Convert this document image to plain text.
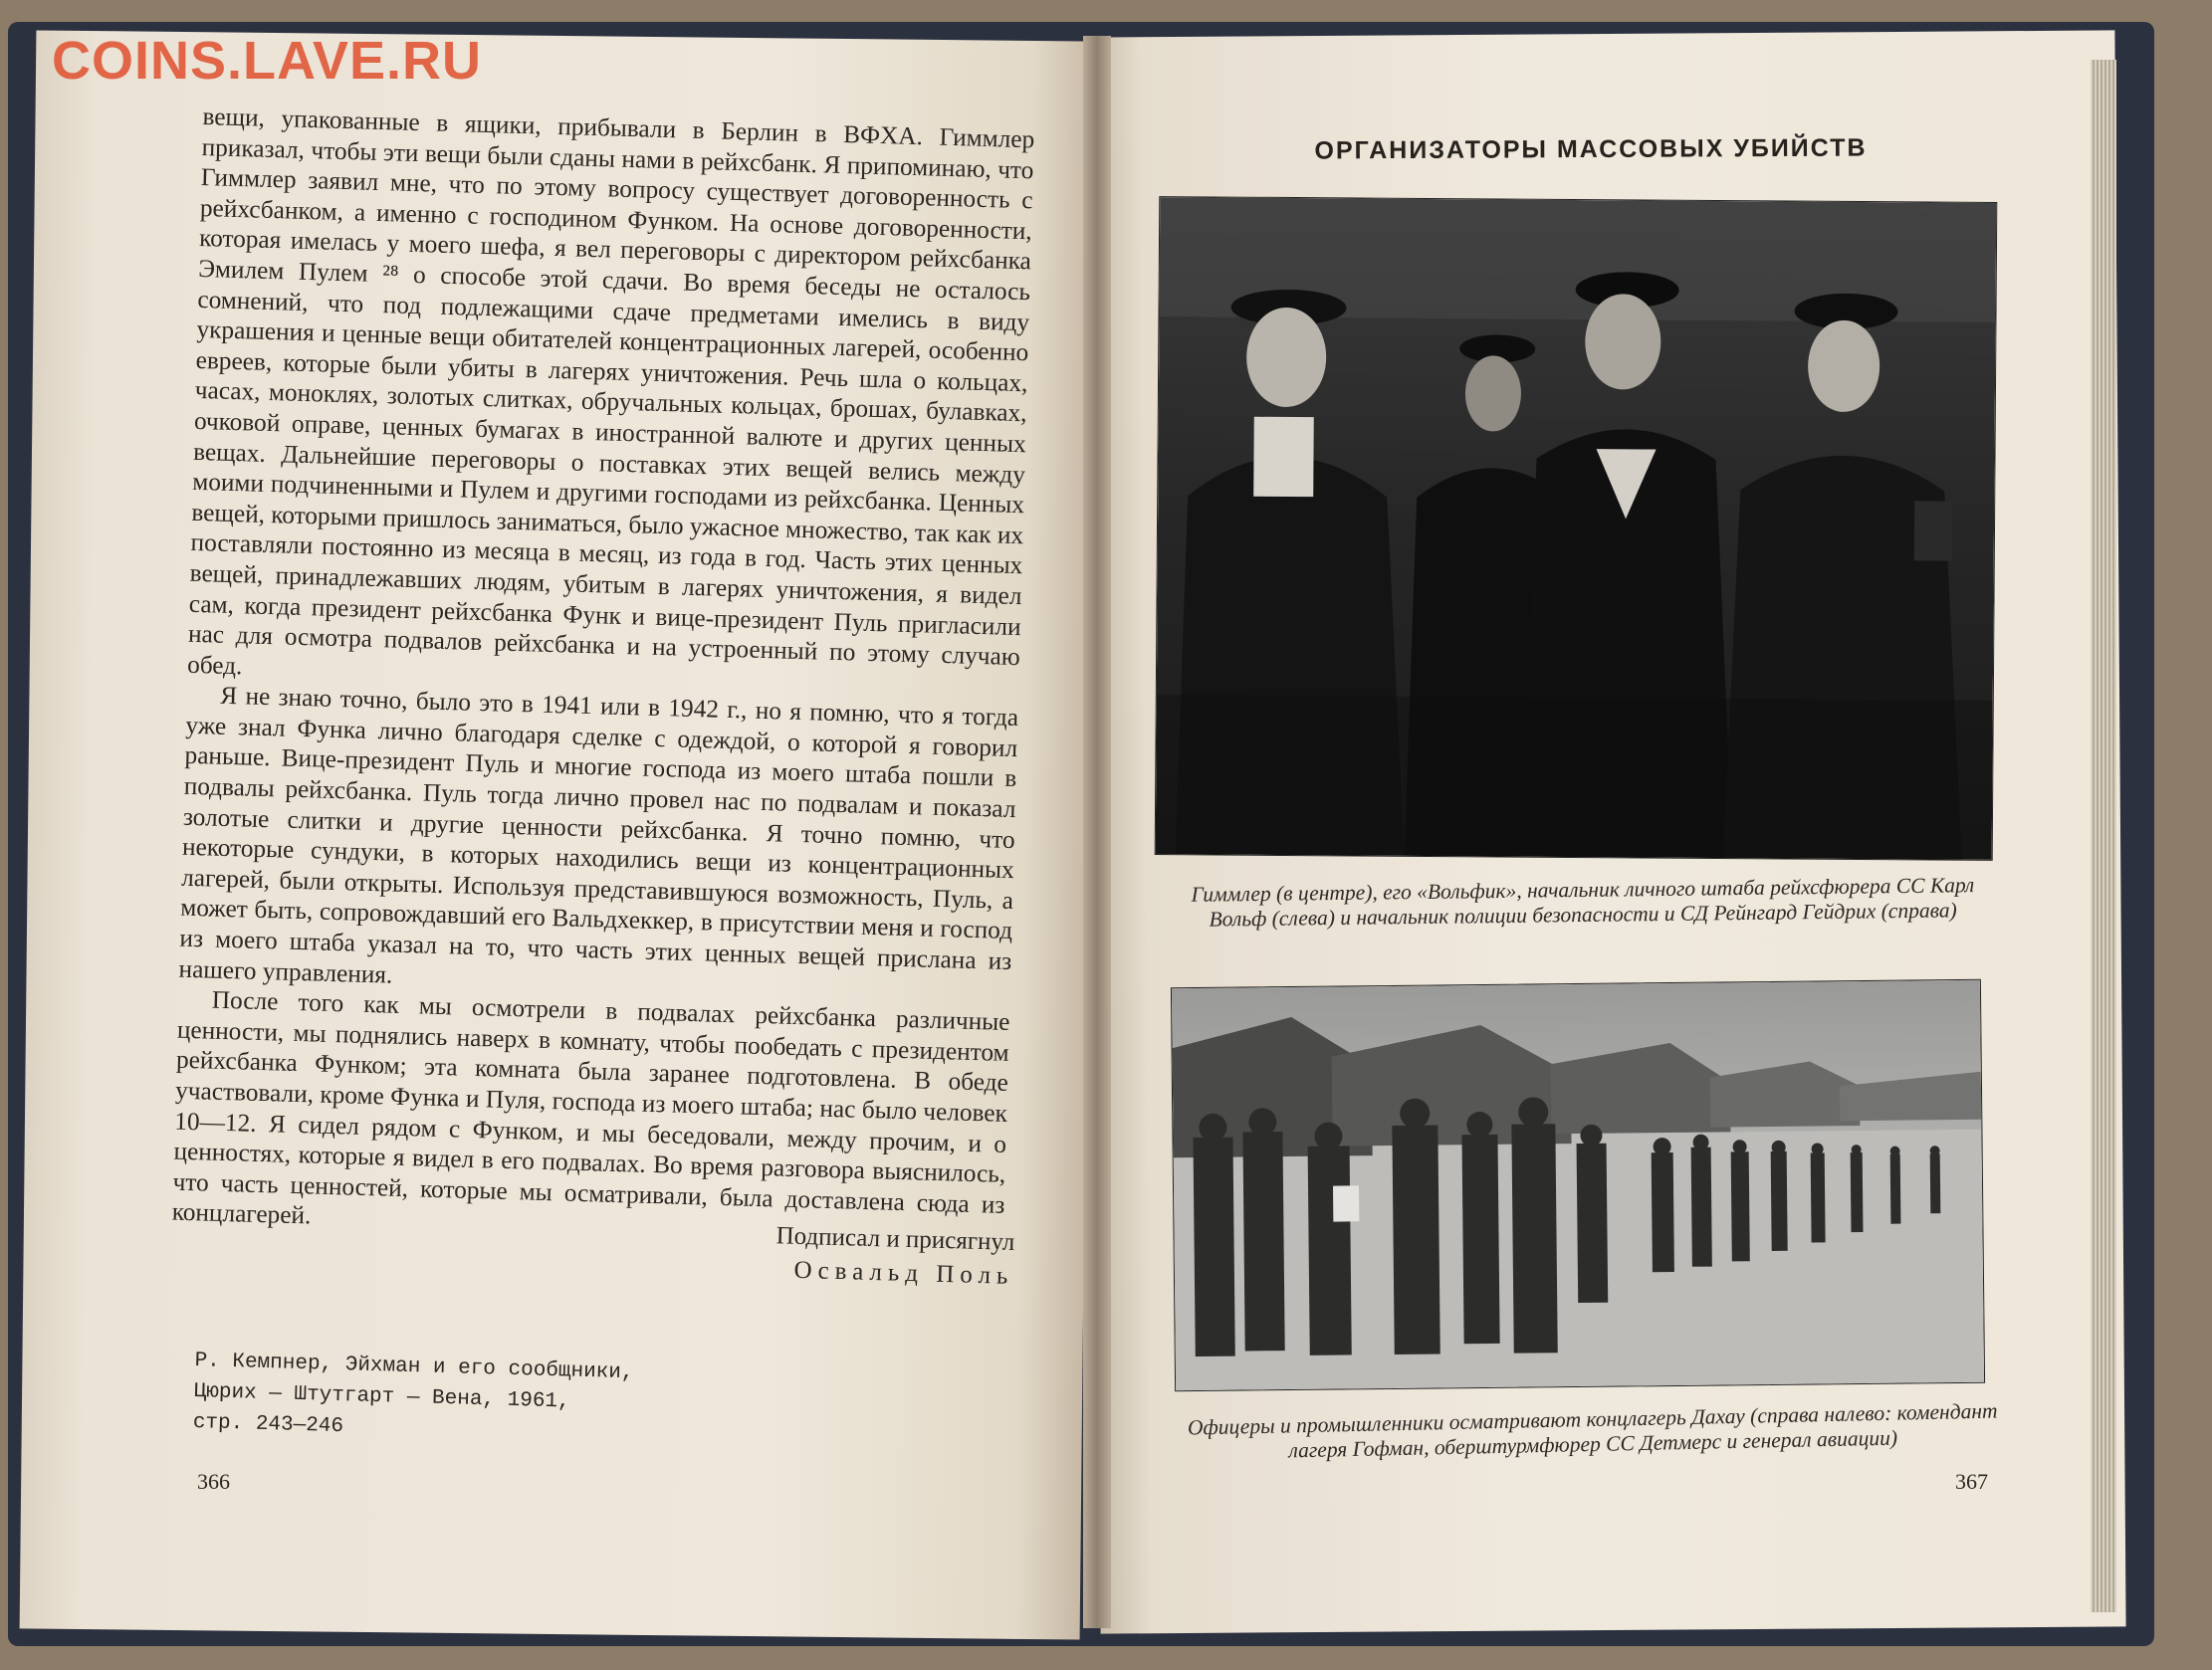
COINS.LAVE.RU

вещи, упакованные в ящики, прибывали в Берлин в ВФХА. Гиммлер приказал, чтобы эти вещи были сданы нами в рейхсбанк. Я припоминаю, что Гиммлер заявил мне, что по этому вопросу существует договоренность с рейхсбанком, а именно с господином Функом. На основе договоренности, которая имелась у моего шефа, я вел переговоры с директором рейхсбанка Эмилем Пулем ²⁸ о способе этой сдачи. Во время беседы не осталось сомнений, что под подлежащими сдаче предметами имелись в виду украшения и ценные вещи обитателей концентрационных лагерей, особенно евреев, которые были убиты в лагерях уничтожения. Речь шла о кольцах, часах, моноклях, золотых слитках, обручальных кольцах, брошах, булавках, очковой оправе, ценных бумагах в иностранной валюте и других ценных вещах. Дальнейшие переговоры о поставках этих вещей велись между моими подчиненными и Пулем и другими господами из рейхсбанка. Ценных вещей, которыми пришлось заниматься, было ужасное множество, так как их поставляли постоянно из месяца в месяц, из года в год. Часть этих ценных вещей, принадлежавших людям, убитым в лагерях уничтожения, я видел сам, когда президент рейхсбанка Функ и вице-президент Пуль пригласили нас для осмотра подвалов рейхсбанка и на устроенный по этому случаю обед.

Я не знаю точно, было это в 1941 или в 1942 г., но я помню, что я тогда уже знал Функа лично благодаря сделке с одеждой, о которой я говорил раньше. Вице-президент Пуль и многие господа из моего штаба пошли в подвалы рейхсбанка. Пуль тогда лично провел нас по подвалам и показал золотые слитки и другие ценности рейхсбанка. Я точно помню, что некоторые сундуки, в которых находились вещи из концентрационных лагерей, были открыты. Используя представившуюся возможность, Пуль, а может быть, сопровождавший его Вальдхеккер, в присутствии меня и господ из моего штаба указал на то, что часть этих ценных вещей прислана из нашего управления.

После того как мы осмотрели в подвалах рейхсбанка различные ценности, мы поднялись наверх в комнату, чтобы пообедать с президентом рейхсбанка Функом; эта комната была заранее подготовлена. В обеде участвовали, кроме Функа и Пуля, господа из моего штаба; нас было человек 10—12. Я сидел рядом с Функом, и мы беседовали, между прочим, и о ценностях, которые я видел в его подвалах. Во время разговора выяснилось, что часть ценностей, которые мы осматривали, была доставлена сюда из концлагерей.

Подписал и присягнул
Освальд Поль
Р. Кемпнер, Эйхман и его сообщники,
Цюрих — Штутгарт — Вена, 1961,
стр. 243—246
366
ОРГАНИЗАТОРЫ МАССОВЫХ УБИЙСТВ
Гиммлер (в центре), его «Вольфик», начальник личного штаба рейхсфюрера СС Карл Вольф (слева) и начальник полиции безопасности и СД Рейнгард Гейдрих (справа)
Офицеры и промышленники осматривают концлагерь Дахау (справа налево: комендант лагеря Гофман, оберштурмфюрер СС Детмерс и генерал авиации)
367
